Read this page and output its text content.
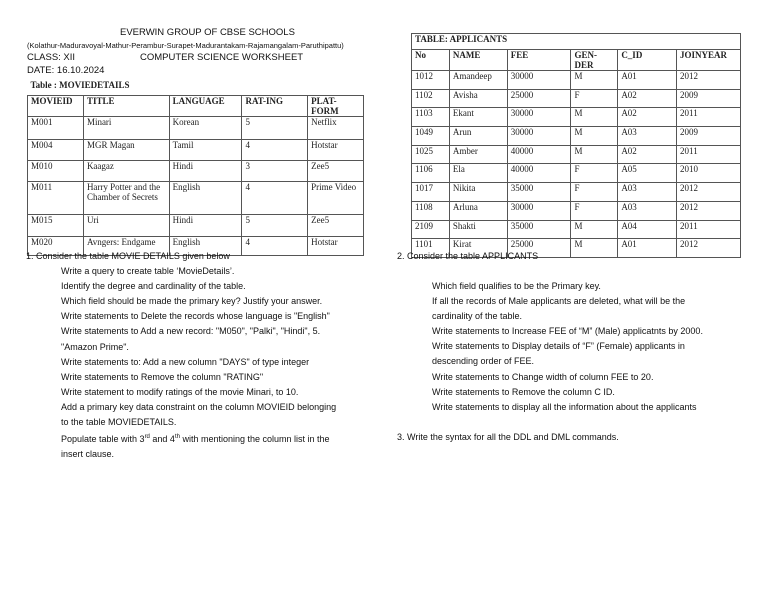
EVERWIN GROUP OF CBSE SCHOOLS
(Kolathur-Maduravoyal-Mathur-Perambur-Surapet-Madurantakam-Rajamangalam-Paruthipattu)
CLASS: XII	COMPUTER SCIENCE WORKSHEET
DATE: 16.10.2024
Table : MOVIEDETAILS				
MOVIEID	TITLE	LANGUAGE	RAT-ING	PLAT-FORM
M001	Minari	Korean	5	Netflix
M004	MGR Magan	Tamil	4	Hotstar
M010	Kaagaz	Hindi	3	Zee5
M011	Harry Potter and the Chamber of Secrets	English	4	Prime Video
M015	Uri	Hindi	5	Zee5
M020	Avngers: Endgame	English	4	Hotstar
TABLE: APPLICANTS					
No	NAME	FEE	GEN-DER	C_ID	JOINYEAR
1012	Amandeep	30000	M	A01	2012
1102	Avisha	25000	F	A02	2009
1103	Ekant	30000	M	A02	2011
1049	Arun	30000	M	A03	2009
1025	Amber	40000	M	A02	2011
1106	Ela	40000	F	A05	2010
1017	Nikita	35000	F	A03	2012
1108	Arluna	30000	F	A03	2012
2109	Shakti	35000	M	A04	2011
1101	Kirat	25000	M	A01	2012
1. Consider the table MOVIE DETAILS given below
Write a query to create table ‘MovieDetails’.
Identify the degree and cardinality of the table.
Which field should be made the primary key? Justify your answer.
Write statements to Delete the records whose language is "English"
Write statements to Add a new record: "M050", "Palki", "Hindi", 5.
"Amazon Prime".
Write statements to: Add a new column "DAYS" of type integer
Write statements to Remove the column "RATING"
Write statement to modify ratings of the movie Minari, to 10.
Add a primary key data constraint on the column MOVIEID belonging
to the table MOVIEDETAILS.
Populate table with 3rd and 4th with mentioning the column list in the
insert clause.
2. Consider the table APPLICANTS
Which field qualifies to be the Primary key.
If all the records of Male applicants are deleted, what will be the
cardinality of the table.
Write statements to Increase FEE of “M” (Male) applicatnts by 2000.
Write statements to Display details of “F” (Female) applicants in
descending order of FEE.
Write statements to Change width of column FEE to 20.
Write statements to Remove the column C ID.
Write statements to display all the information about the applicants
3. Write the syntax for all the DDL and DML commands.
